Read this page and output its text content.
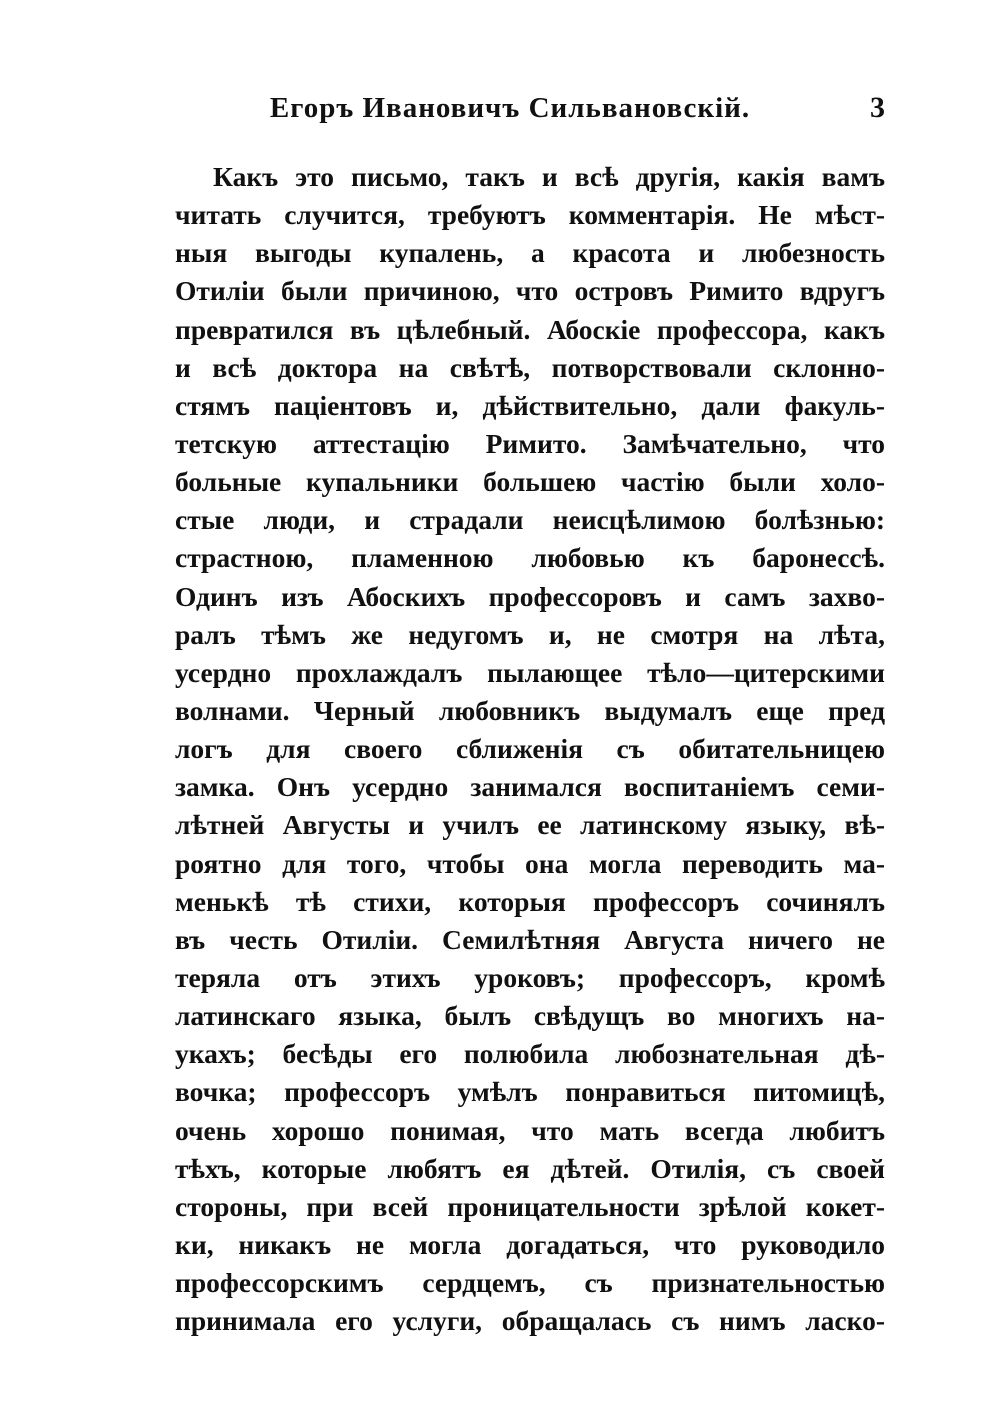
Егоръ Ивановичъ Сильвановскій.	3
Какъ это письмо, такъ и всѣ другія, какія вамъ
читать случится, требуютъ комментарія. Не мѣст-
ныя выгоды купалень, а красота и любезность
Отиліи были причиною, что островъ Римито вдругъ
превратился въ цѣлебный. Абоскіе профессора, какъ
и всѣ доктора на свѣтѣ, потворствовали склонно-
стямъ паціентовъ и, дѣйствительно, дали факуль-
тетскую аттестацію Римито. Замѣчательно, что
больные купальники большею частію были холо-
стые люди, и страдали неисцѣлимою болѣзнью:
страстною, пламенною любовью къ баронессѣ.
Одинъ изъ Абоскихъ профессоровъ и самъ захво-
ралъ тѣмъ же недугомъ и, не смотря на лѣта,
усердно прохлаждалъ пылающее тѣло—цитерскими
волнами. Черный любовникъ выдумалъ еще пред
логъ для своего сближенія съ обитательницею
замка. Онъ усердно занимался воспитаніемъ семи-
лѣтней Августы и училъ ее латинскому языку, вѣ-
роятно для того, чтобы она могла переводить ма-
менькѣ тѣ стихи, которыя профессоръ сочинялъ
въ честь Отиліи. Семилѣтняя Августа ничего не
теряла отъ этихъ уроковъ; профессоръ, кромѣ
латинскаго языка, былъ свѣдущъ во многихъ на-
укахъ; бесѣды его полюбила любознательная дѣ-
вочка; профессоръ умѣлъ понравиться питомицѣ,
очень хорошо понимая, что мать всегда любитъ
тѣхъ, которые любятъ ея дѣтей. Отилія, съ своей
стороны, при всей проницательности зрѣлой кокет-
ки, никакъ не могла догадаться, что руководило
профессорскимъ сердцемъ, съ признательностью
принимала его услуги, обращалась съ нимъ ласко-
